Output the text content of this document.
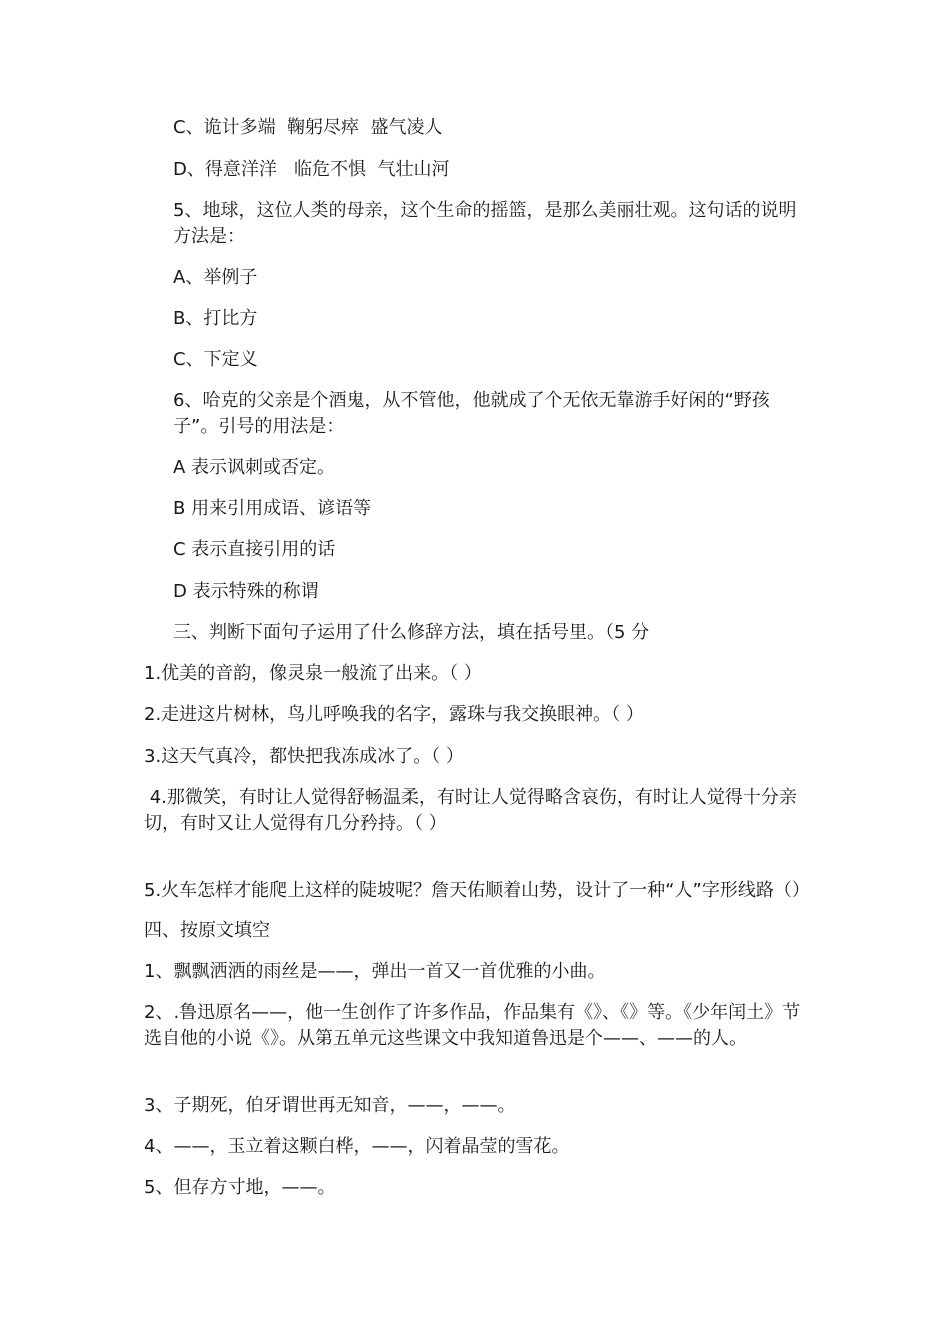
C、诡计多端  鞠躬尽瘁  盛气凌人

D、得意洋洋   临危不惧  气壮山河

5、地球，这位人类的母亲，这个生命的摇篮，是那么美丽壮观。这句话的说明方法是：

A、举例子

B、打比方

C、下定义

6、哈克的父亲是个酒鬼，从不管他，他就成了个无依无靠游手好闲的“野孩子”。引号的用法是：

A 表示讽刺或否定。

B 用来引用成语、谚语等

C 表示直接引用的话

D 表示特殊的称谓

三、判断下面句子运用了什么修辞方法，填在括号里。（5 分

1.优美的音韵，像灵泉一般流了出来。（ ）

2.走进这片树林，鸟儿呼唤我的名字，露珠与我交换眼神。（ ）

3.这天气真冷，都快把我冻成冰了。（ ）

4.那微笑，有时让人觉得舒畅温柔，有时让人觉得略含哀伤，有时让人觉得十分亲切，有时又让人觉得有几分矜持。（ ）

5.火车怎样才能爬上这样的陡坡呢？詹天佑顺着山势，设计了一种“人”字形线路（）

四、按原文填空

1、飘飘洒洒的雨丝是——，弹出一首又一首优雅的小曲。

2、.鲁迅原名——，他一生创作了许多作品，作品集有《》、《》等。《少年闰土》节选自他的小说《》。从第五单元这些课文中我知道鲁迅是个——、——的人。

3、子期死，伯牙谓世再无知音，——，——。

4、——，玉立着这颗白桦，——，闪着晶莹的雪花。

5、但存方寸地，——。
